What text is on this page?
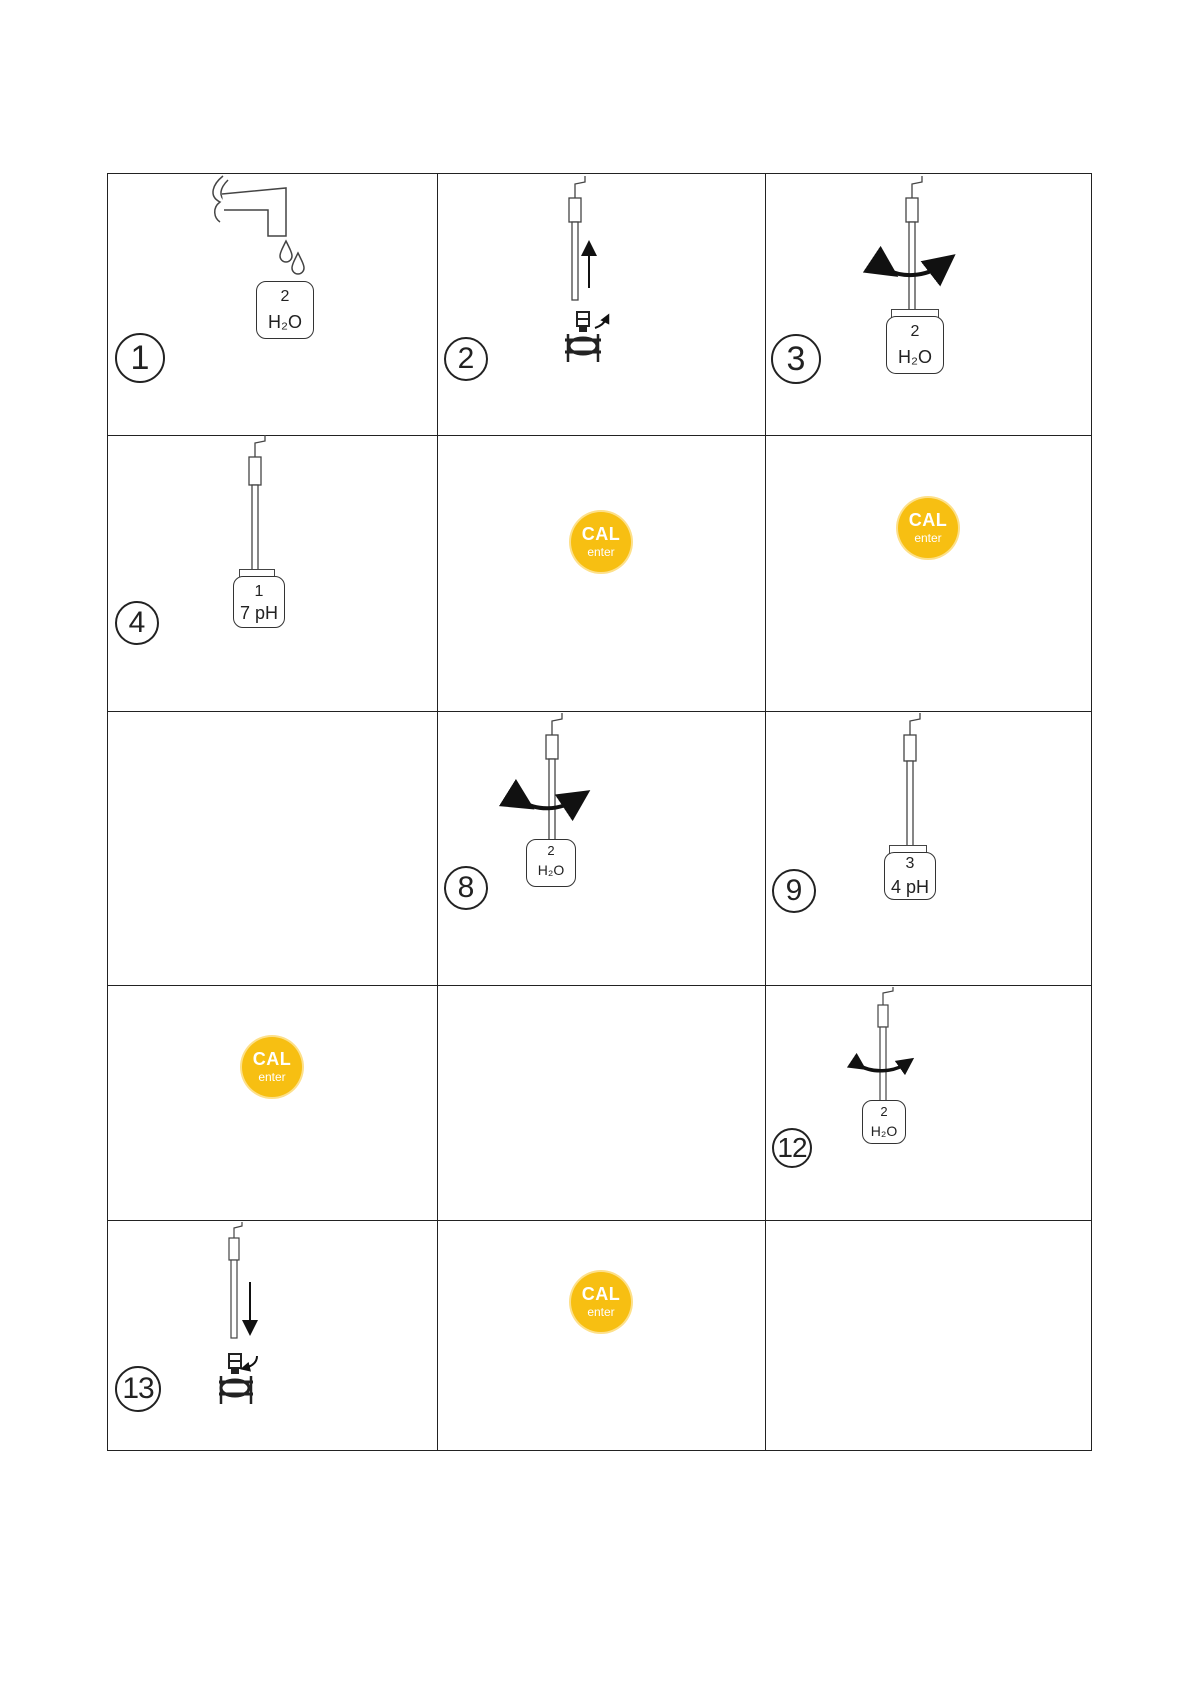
2
H₂O
1	2
2
H₂O
3
1
7 pH
4
CAL
enter
CAL
enter
2
H₂O
8
3
4 pH
9
CAL
enter
2
H₂O
12
13
CAL
enter
